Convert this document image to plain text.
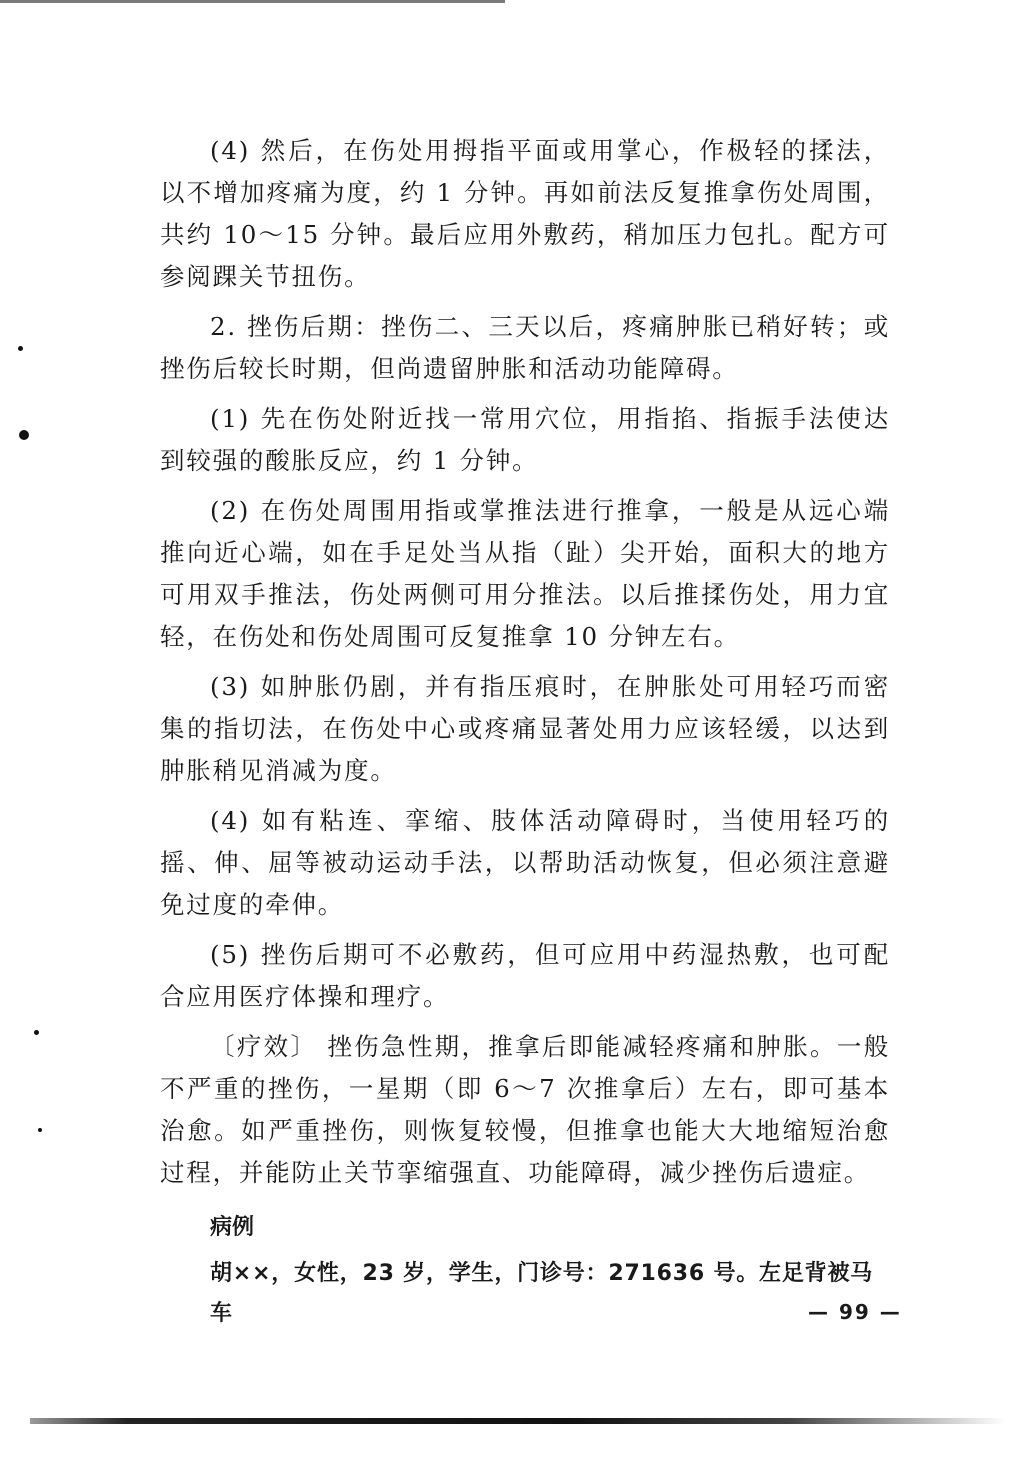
(4) 然后，在伤处用拇指平面或用掌心，作极轻的揉法，以不增加疼痛为度，约 1 分钟。再如前法反复推拿伤处周围，共约 10～15 分钟。最后应用外敷药，稍加压力包扎。配方可参阅踝关节扭伤。

2. 挫伤后期：挫伤二、三天以后，疼痛肿胀已稍好转；或挫伤后较长时期，但尚遗留肿胀和活动功能障碍。

(1) 先在伤处附近找一常用穴位，用指掐、指振手法使达到较强的酸胀反应，约 1 分钟。

(2) 在伤处周围用指或掌推法进行推拿，一般是从远心端推向近心端，如在手足处当从指（趾）尖开始，面积大的地方可用双手推法，伤处两侧可用分推法。以后推揉伤处，用力宜轻，在伤处和伤处周围可反复推拿 10 分钟左右。

(3) 如肿胀仍剧，并有指压痕时，在肿胀处可用轻巧而密集的指切法，在伤处中心或疼痛显著处用力应该轻缓，以达到肿胀稍见消减为度。

(4) 如有粘连、挛缩、肢体活动障碍时，当使用轻巧的摇、伸、屈等被动运动手法，以帮助活动恢复，但必须注意避免过度的牵伸。

(5) 挫伤后期可不必敷药，但可应用中药湿热敷，也可配合应用医疗体操和理疗。

〔疗效〕 挫伤急性期，推拿后即能减轻疼痛和肿胀。一般不严重的挫伤，一星期（即 6～7 次推拿后）左右，即可基本治愈。如严重挫伤，则恢复较慢，但推拿也能大大地缩短治愈过程，并能防止关节挛缩强直、功能障碍，减少挫伤后遗症。

病例
胡××，女性，23 岁，学生，门诊号：271636 号。左足背被马车	— 99 —
